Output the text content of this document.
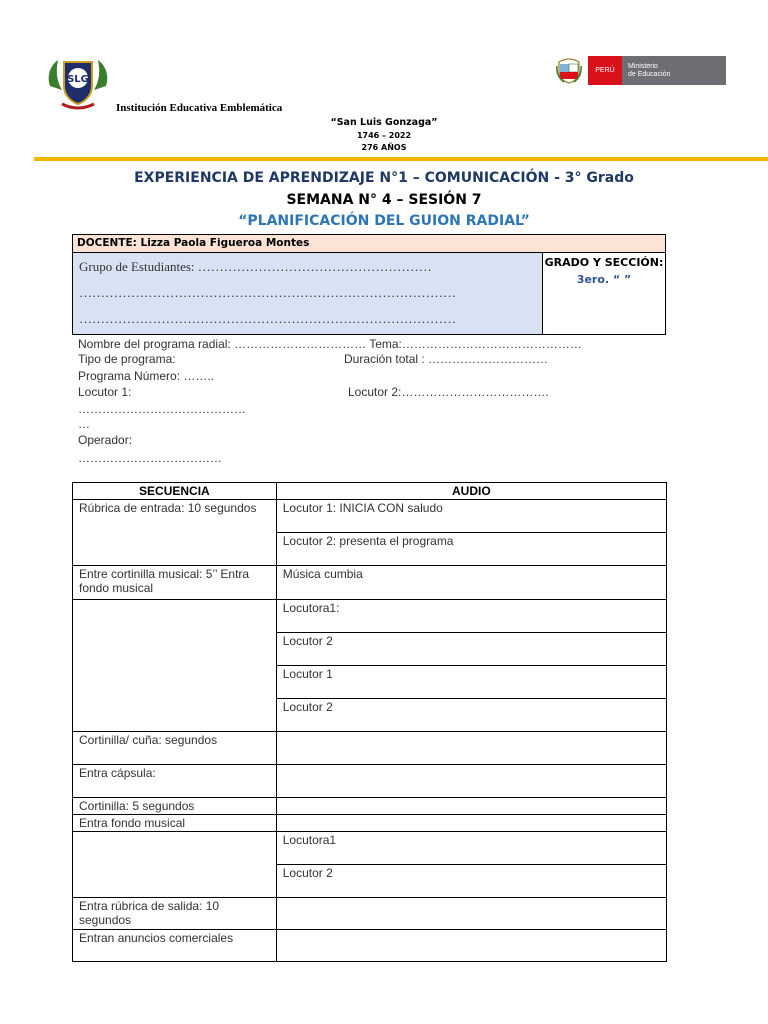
SLG
Institución Educativa Emblemática
“San Luis Gonzaga”
1746 – 2022
276 AÑOS
PERÚ
Ministerio
de Educación
EXPERIENCIA DE APRENDIZAJE N°1 – COMUNICACIÓN - 3° Grado
SEMANA N° 4 – SESIÓN 7
“PLANIFICACIÓN DEL GUION RADIAL”
DOCENTE: Lizza Paola Figueroa Montes
Grupo de Estudiantes: ………………………………………………
……………………………………………………………………………
……………………………………………………………………………
GRADO Y SECCIÓN:
3ero. “ ”
Nombre del programa radial: …………………………… Tema:………………………………………
Tipo de programa:	Duración total : …………………………
Programa Número: ……..
Locutor 1:	Locutor 2:……………………………….
……………………………………
…
Operador:
………………………………
SECUENCIA	AUDIO
Rúbrica de entrada: 10 segundos	Locutor 1: INICIA CON saludo
	Locutor 2: presenta el programa
Entre cortinilla musical: 5’’ Entra fondo musical	Música cumbia
	Locutora1:
	Locutor 2
	Locutor 1
	Locutor 2
Cortinilla/ cuña: segundos	
Entra cápsula:	
Cortinilla: 5 segundos	
Entra fondo musical	
	Locutora1
	Locutor 2
Entra rúbrica de salida: 10 segundos	
Entran anuncios comerciales	
